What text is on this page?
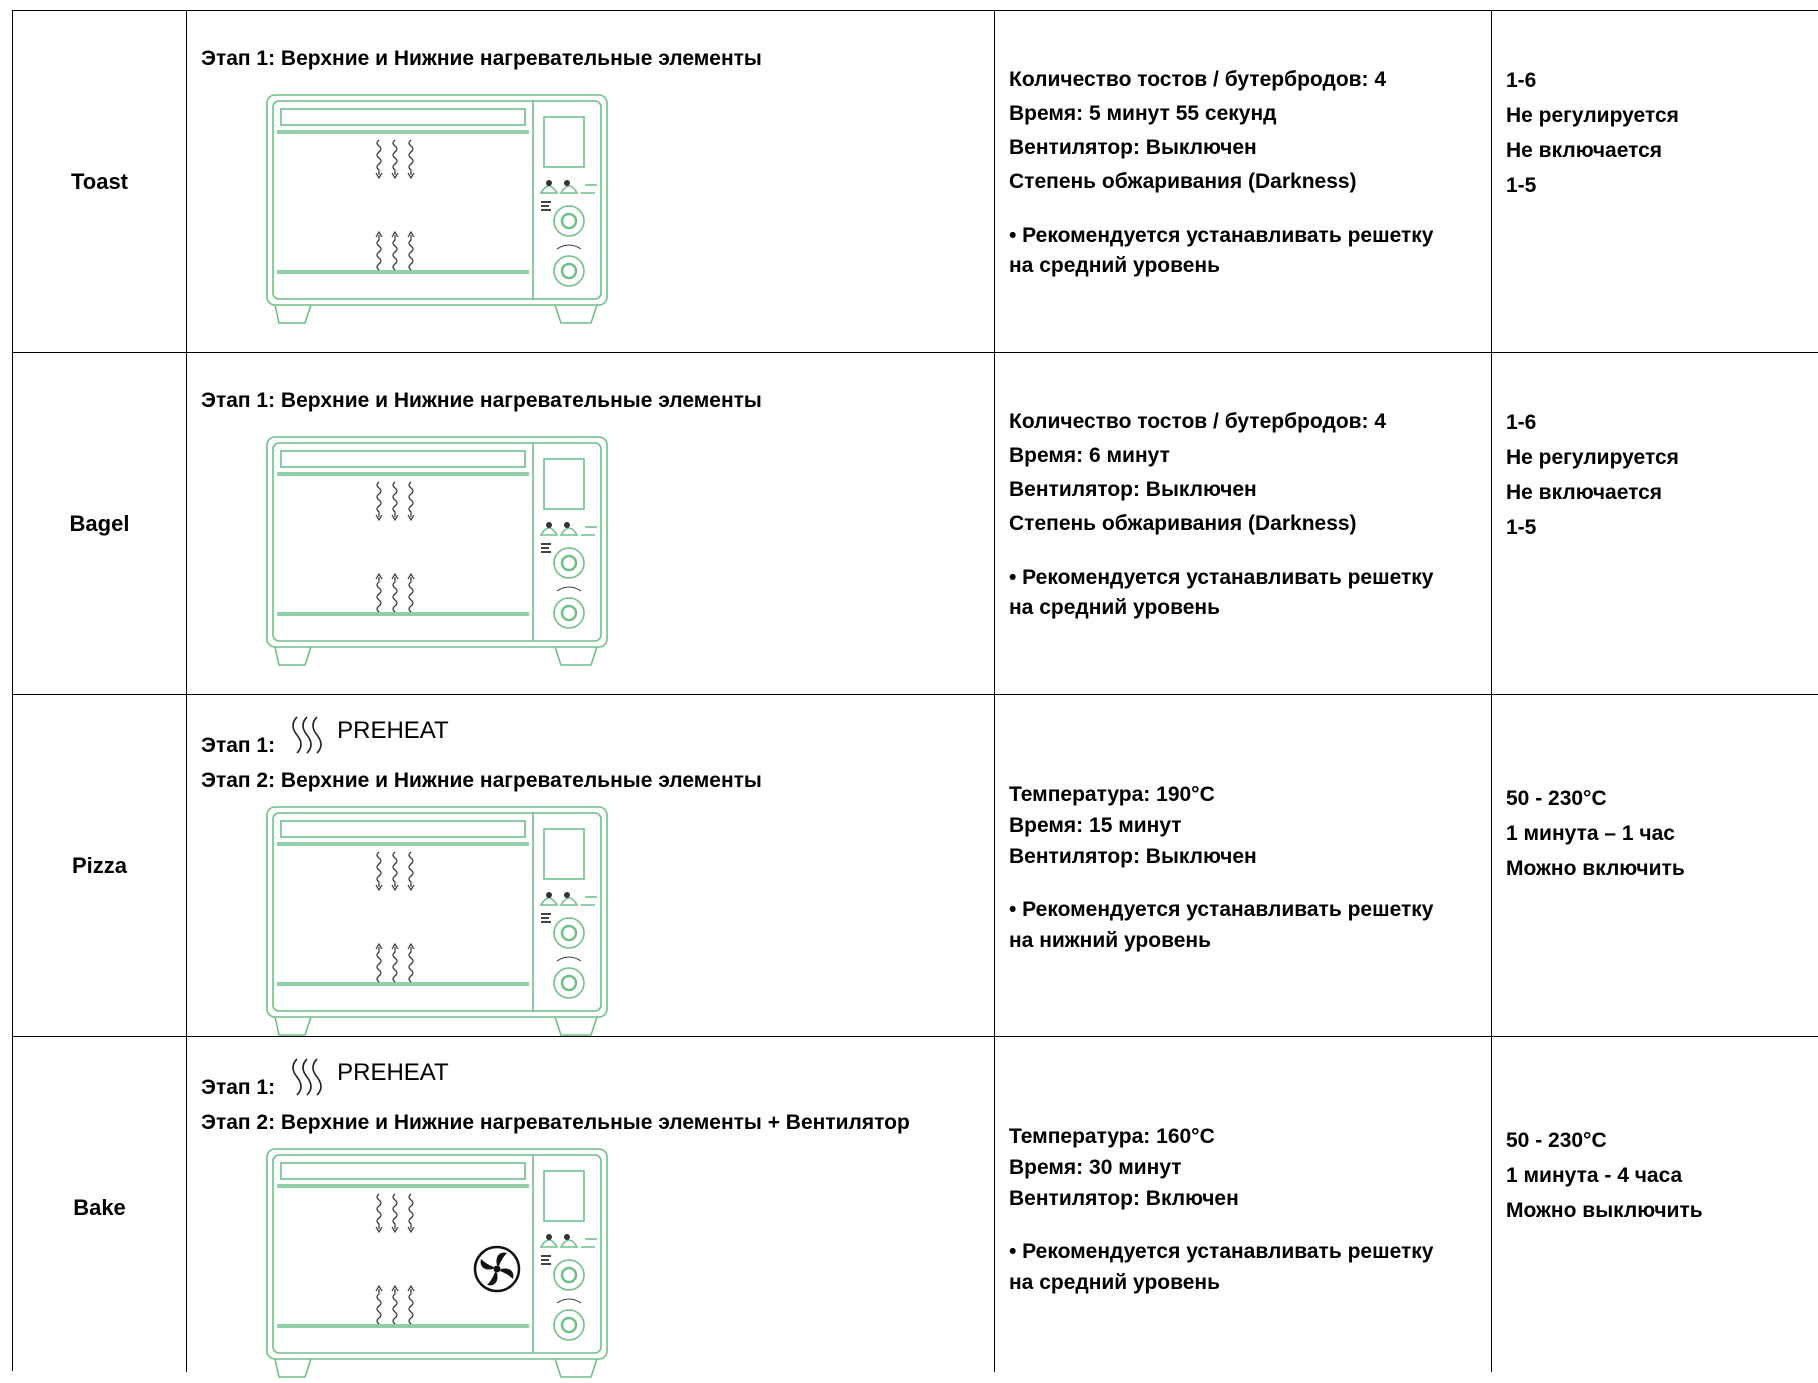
Toast
Этап 1: Верхние и Нижние нагревательные элементы
Количество тостов / бутербродов: 4
Время: 5 минут 55 секунд
Вентилятор: Выключен
Степень обжаривания (Darkness)
• Рекомендуется устанавливать решетку
на средний уровень
1-6
Не регулируется
Не включается
1-5
Bagel
Этап 1: Верхние и Нижние нагревательные элементы
Количество тостов / бутербродов: 4
Время: 6 минут
Вентилятор: Выключен
Степень обжаривания (Darkness)
• Рекомендуется устанавливать решетку
на средний уровень
1-6
Не регулируется
Не включается
1-5
Pizza
Этап 1:
PREHEAT
Этап 2: Верхние и Нижние нагревательные элементы
Температура: 190°C
Время: 15 минут
Вентилятор: Выключен
• Рекомендуется устанавливать решетку
на нижний уровень
50 - 230°C
1 минута – 1 час
Можно включить
Bake
Этап 1:
PREHEAT
Этап 2: Верхние и Нижние нагревательные элементы + Вентилятор
Температура: 160°C
Время: 30 минут
Вентилятор: Включен
• Рекомендуется устанавливать решетку
на средний уровень
50 - 230°C
1 минута - 4 часа
Можно выключить
